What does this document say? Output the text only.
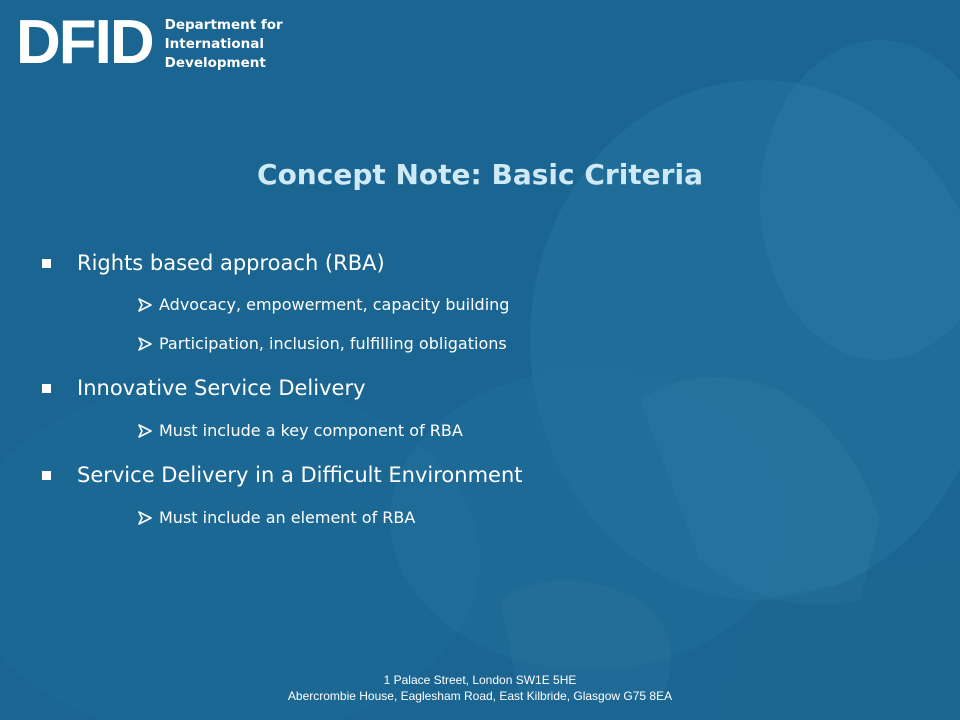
DFID Department for
International
Development
Concept Note: Basic Criteria
Rights based approach (RBA)
Advocacy, empowerment, capacity building
Participation, inclusion, fulfilling obligations
Innovative Service Delivery
Must include a key component of RBA
Service Delivery in a Difficult Environment
Must include an element of RBA
1 Palace Street, London SW1E 5HE
Abercrombie House, Eaglesham Road, East Kilbride, Glasgow G75 8EA
